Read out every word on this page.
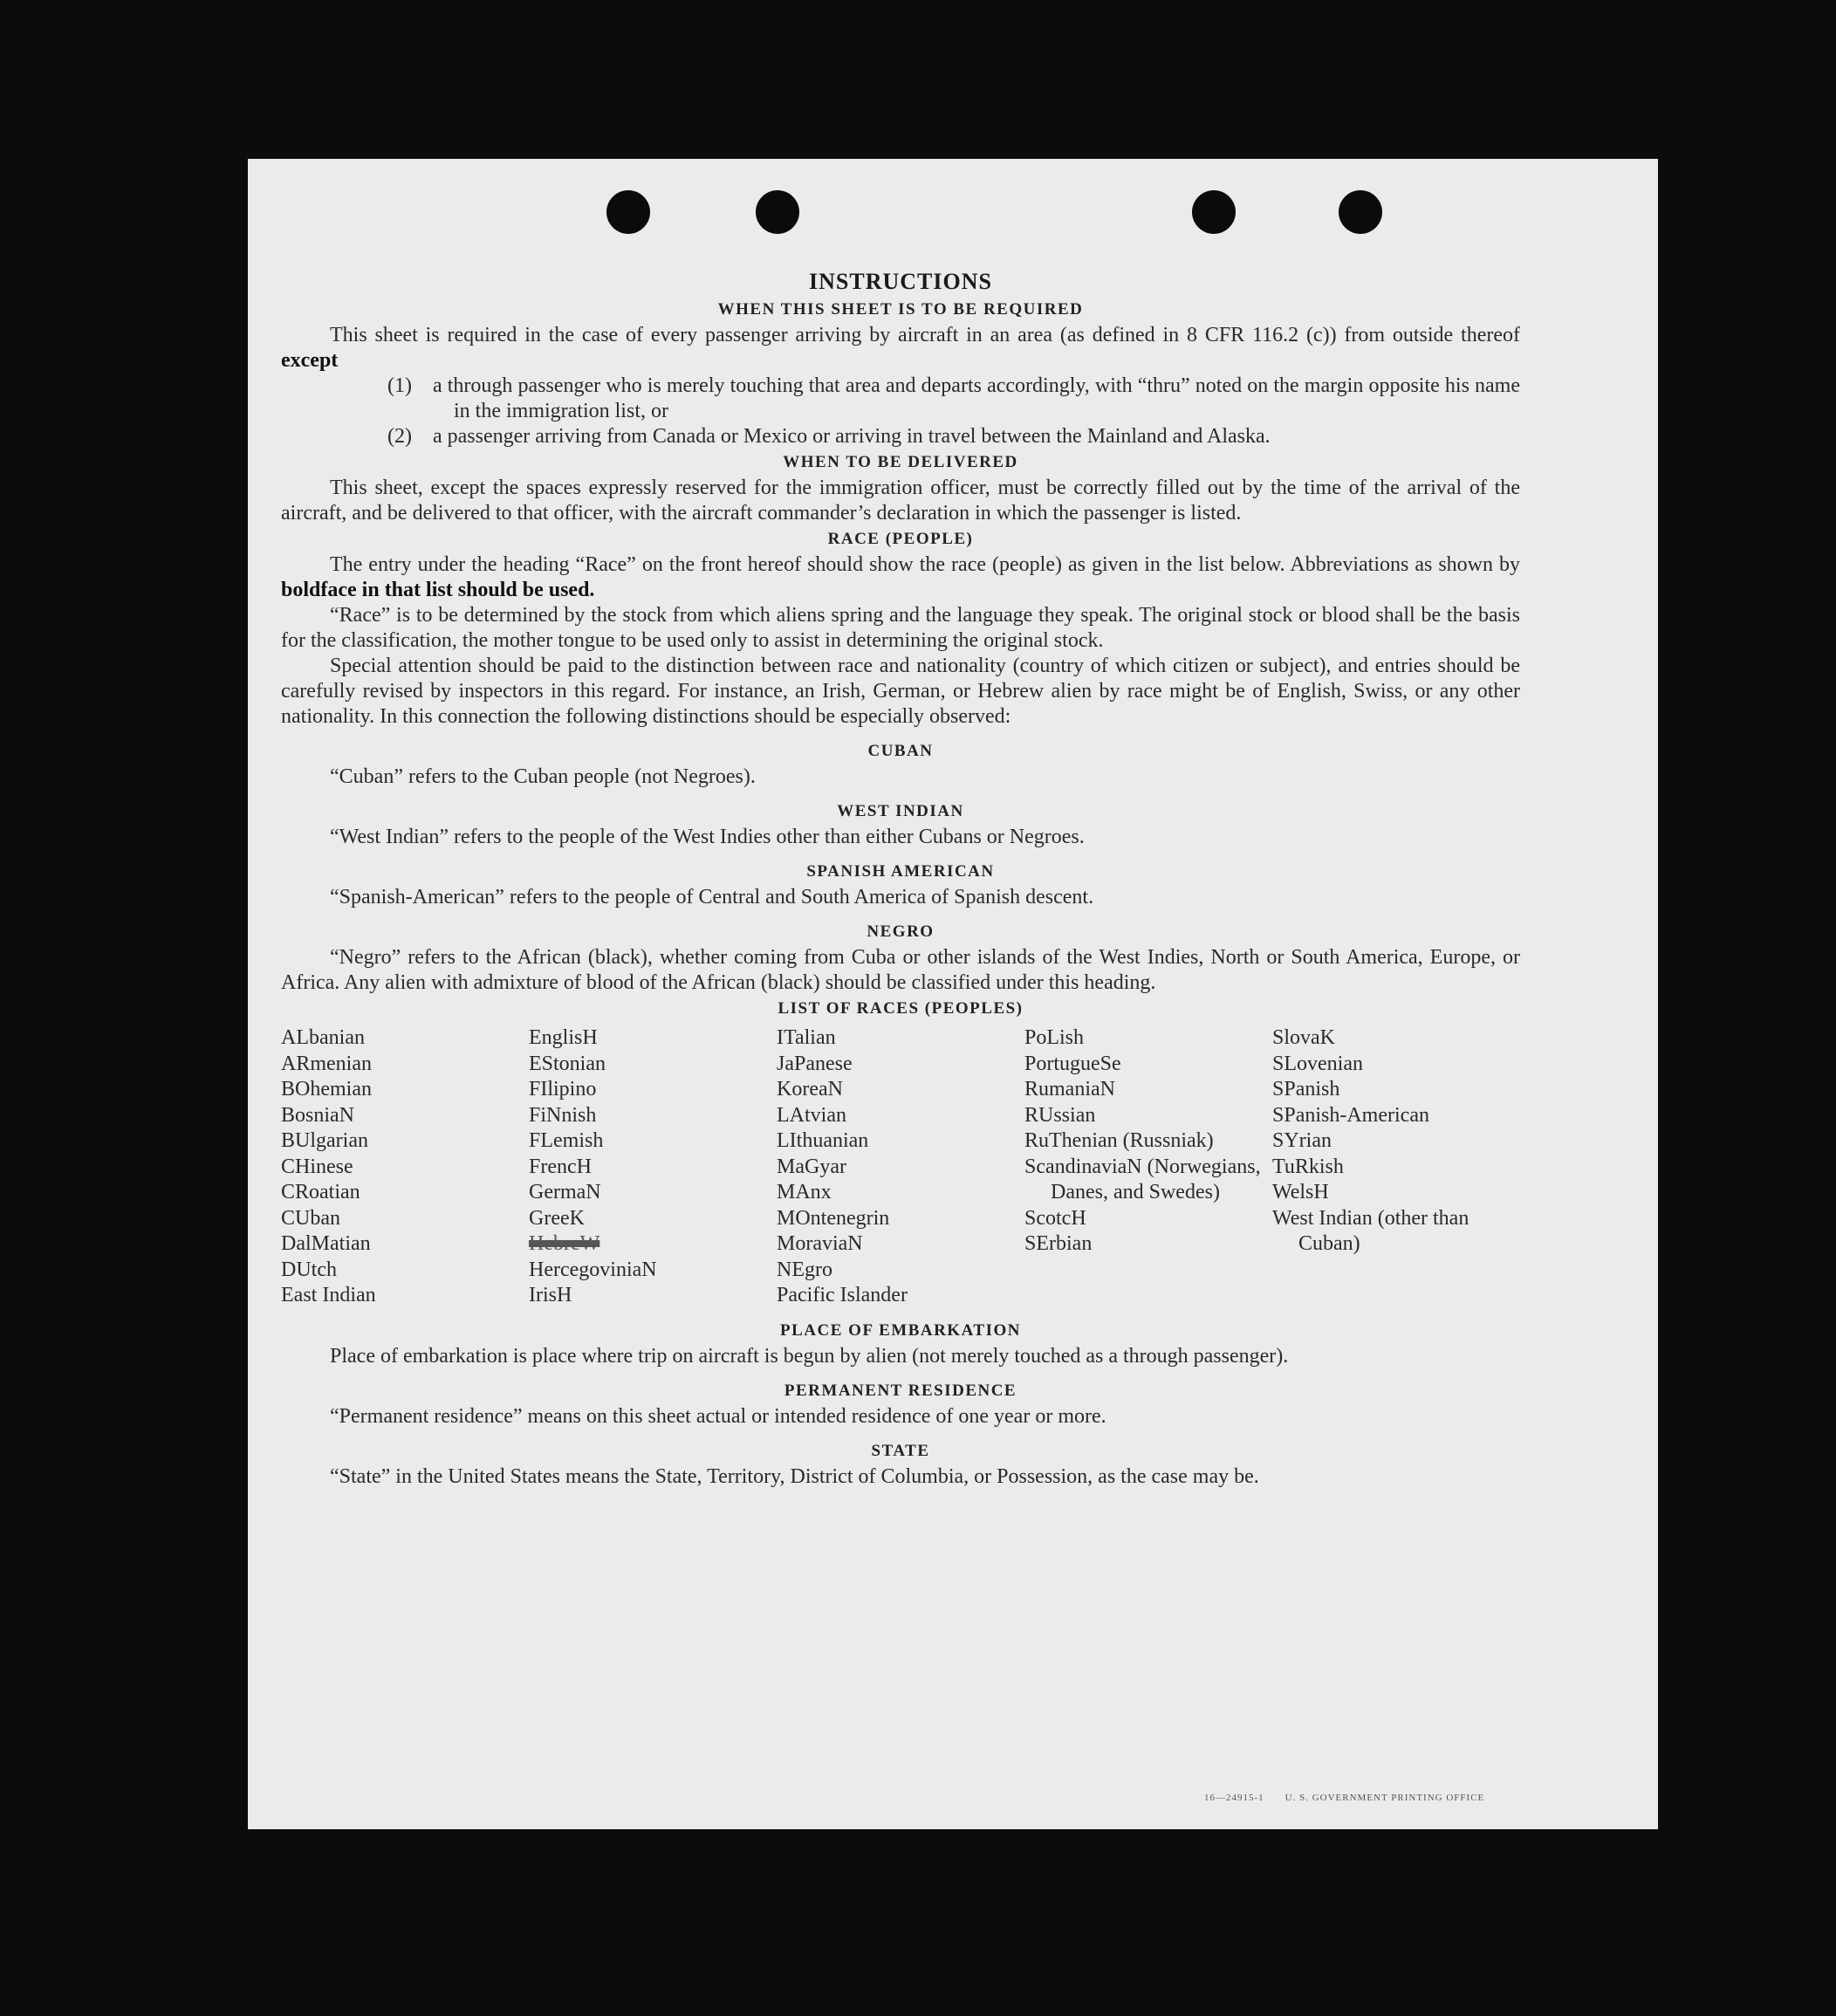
INSTRUCTIONS
WHEN THIS SHEET IS TO BE REQUIRED

This sheet is required in the case of every passenger arriving by aircraft in an area (as defined in 8 CFR 116.2 (c)) from outside thereof except

(1) a through passenger who is merely touching that area and departs accordingly, with “thru” noted on the margin opposite his name in the immigration list, or

(2) a passenger arriving from Canada or Mexico or arriving in travel between the Mainland and Alaska.

WHEN TO BE DELIVERED

This sheet, except the spaces expressly reserved for the immigration officer, must be correctly filled out by the time of the arrival of the aircraft, and be delivered to that officer, with the aircraft commander’s declaration in which the passenger is listed.

RACE (PEOPLE)

The entry under the heading “Race” on the front hereof should show the race (people) as given in the list below. Abbreviations as shown by boldface in that list should be used.

“Race” is to be determined by the stock from which aliens spring and the language they speak. The original stock or blood shall be the basis for the classification, the mother tongue to be used only to assist in determining the original stock.

Special attention should be paid to the distinction between race and nationality (country of which citizen or subject), and entries should be carefully revised by inspectors in this regard. For instance, an Irish, German, or Hebrew alien by race might be of English, Swiss, or any other nationality. In this connection the following distinctions should be especially observed:

CUBAN

“Cuban” refers to the Cuban people (not Negroes).

WEST INDIAN

“West Indian” refers to the people of the West Indies other than either Cubans or Negroes.

SPANISH AMERICAN

“Spanish-American” refers to the people of Central and South America of Spanish descent.

NEGRO

“Negro” refers to the African (black), whether coming from Cuba or other islands of the West Indies, North or South America, Europe, or Africa. Any alien with admixture of blood of the African (black) should be classified under this heading.

LIST OF RACES (PEOPLES)
ALbanian
ARmenian
BOhemian
BosniaN
BUlgarian
CHinese
CRoatian
CUban
DalMatian
DUtch
East Indian
EnglisH
EStonian
FIlipino
FiNnish
FLemish
FrencH
GermaN
GreeK
HebreW
HercegoviniaN
IrisH
ITalian
JaPanese
KoreaN
LAtvian
LIthuanian
MaGyar
MAnx
MOntenegrin
MoraviaN
NEgro
Pacific Islander
PoLish
PortugueSe
RumaniaN
RUssian
RuThenian (Russniak)
ScandinaviaN (Norwegians, Danes, and Swedes)
ScotcH
SErbian
SlovaK
SLovenian
SPanish
SPanish-American
SYrian
TuRkish
WelsH
West Indian (other than Cuban)
PLACE OF EMBARKATION

Place of embarkation is place where trip on aircraft is begun by alien (not merely touched as a through passenger).

PERMANENT RESIDENCE

“Permanent residence” means on this sheet actual or intended residence of one year or more.

STATE

“State” in the United States means the State, Territory, District of Columbia, or Possession, as the case may be.

16—24915-1  U. S. GOVERNMENT PRINTING OFFICE
